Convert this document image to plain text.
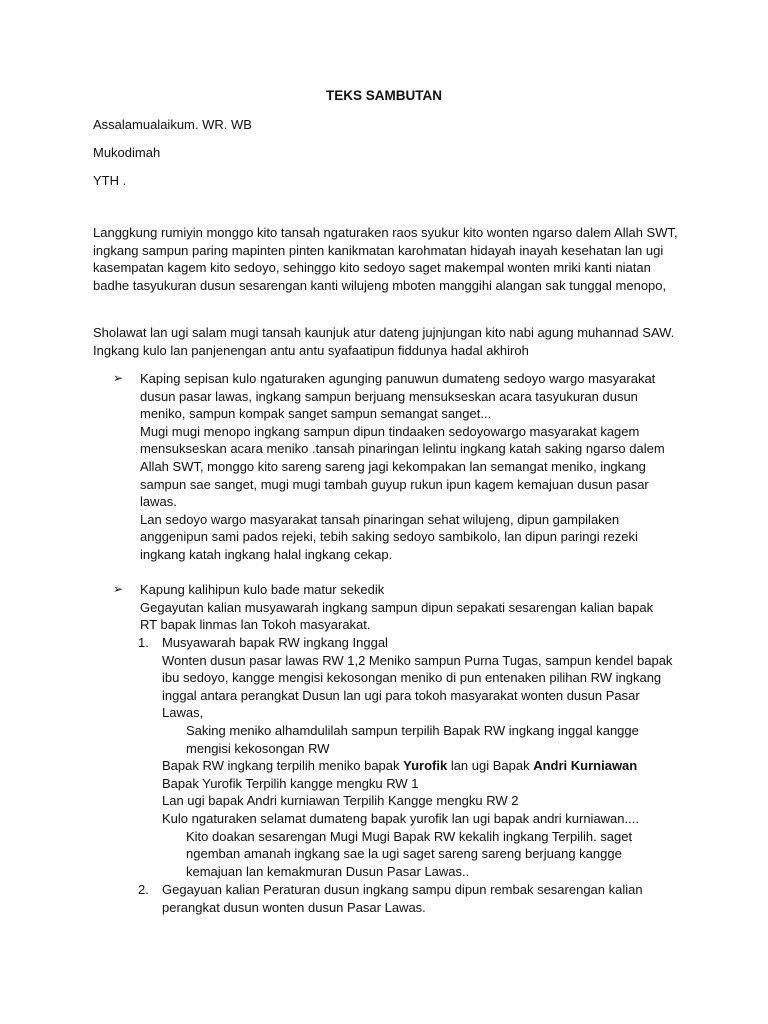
TEKS SAMBUTAN

Assalamualaikum. WR. WB

Mukodimah

YTH .

Langgkung rumiyin monggo kito tansah ngaturaken raos syukur kito wonten ngarso dalem Allah SWT, ingkang sampun paring mapinten pinten kanikmatan karohmatan hidayah inayah kesehatan lan ugi kasempatan kagem kito sedoyo, sehinggo kito sedoyo saget makempal wonten mriki kanti niatan badhe tasyukuran dusun sesarengan kanti wilujeng mboten manggihi alangan sak tunggal menopo,

Sholawat lan ugi salam mugi tansah kaunjuk atur dateng jujnjungan kito nabi agung muhannad SAW. Ingkang kulo lan panjenengan antu antu syafaatipun fiddunya hadal akhiroh

➢ Kaping sepisan kulo ngaturaken agunging panuwun dumateng sedoyo wargo masyarakat dusun pasar lawas, ingkang sampun berjuang mensukseskan acara tasyukuran dusun meniko, sampun kompak sanget sampun semangat sanget...

Mugi mugi menopo ingkang sampun dipun tindaaken sedoyowargo masyarakat kagem mensukseskan acara meniko .tansah pinaringan lelintu ingkang katah saking ngarso dalem Allah SWT, monggo kito sareng sareng jagi kekompakan lan semangat meniko, ingkang sampun sae sanget, mugi mugi tambah guyup rukun ipun kagem kemajuan dusun pasar lawas.

Lan sedoyo wargo masyarakat tansah pinaringan sehat wilujeng, dipun gampilaken anggenipun sami pados rejeki, tebih saking sedoyo sambikolo, lan dipun paringi rezeki ingkang katah ingkang halal ingkang cekap.

➢ Kapung kalihipun kulo bade matur sekedik

Gegayutan kalian musyawarah ingkang sampun dipun sepakati sesarengan kalian bapak RT bapak linmas lan Tokoh masyarakat.

1. Musyawarah bapak RW ingkang Inggal

Wonten dusun pasar lawas RW 1,2 Meniko sampun Purna Tugas, sampun kendel bapak ibu sedoyo, kangge mengisi kekosongan meniko di pun entenaken pilihan RW ingkang inggal antara perangkat Dusun lan ugi para tokoh masyarakat wonten dusun Pasar Lawas,

Saking meniko alhamdulilah sampun terpilih Bapak RW ingkang inggal kangge mengisi kekosongan RW

Bapak RW ingkang terpilih meniko bapak Yurofik lan ugi Bapak Andri Kurniawan

Bapak Yurofik Terpilih kangge mengku RW 1

Lan ugi bapak Andri kurniawan Terpilih Kangge mengku RW 2

Kulo ngaturaken selamat dumateng bapak yurofik lan ugi bapak andri kurniawan....

Kito doakan sesarengan Mugi Mugi Bapak RW kekalih ingkang Terpilih. saget ngemban amanah ingkang sae la ugi saget sareng sareng berjuang kangge kemajuan lan kemakmuran Dusun Pasar Lawas..

2. Gegayuan kalian Peraturan dusun ingkang sampu dipun rembak sesarengan kalian perangkat dusun wonten dusun Pasar Lawas.
